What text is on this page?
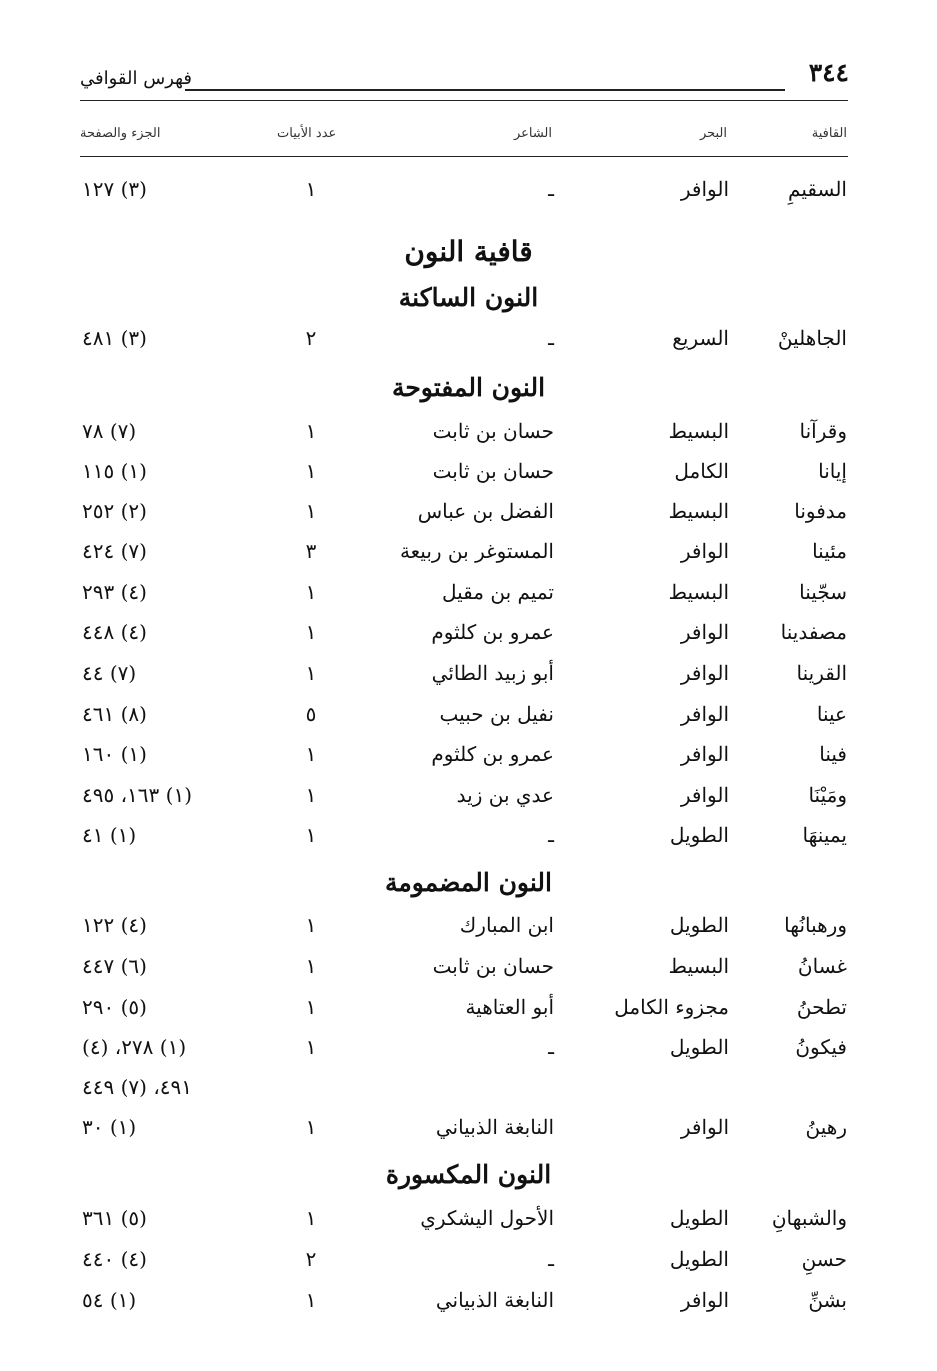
٣٤٤
فهرس القوافي
القافية
البحر
الشاعر
عدد الأبيات
الجزء والصفحة
السقيمِ
الوافر
ـ
١
(٣) ١٢٧
قافية النون
النون الساكنة
الجاهلينْ
السريع
ـ
٢
(٣) ٤٨١
النون المفتوحة
وقرآنا
البسيط
حسان بن ثابت
١
(٧) ٧٨
إيانا
الكامل
حسان بن ثابت
١
(١) ١١٥
مدفونا
البسيط
الفضل بن عباس
١
(٢) ٢٥٢
مئينا
الوافر
المستوغر بن ربيعة
٣
(٧) ٤٢٤
سجّينا
البسيط
تميم بن مقيل
١
(٤) ٢٩٣
مصفدينا
الوافر
عمرو بن كلثوم
١
(٤) ٤٤٨
القرينا
الوافر
أبو زبيد الطائي
١
(٧) ٤٤
عينا
الوافر
نفيل بن حبيب
٥
(٨) ٤٦١
فينا
الوافر
عمرو بن كلثوم
١
(١) ١٦٠
ومَيْنَا
الوافر
عدي بن زيد
١
(١) ١٦٣، ٤٩٥
يمينهَا
الطويل
ـ
١
(١) ٤١
النون المضمومة
ورهبانُها
الطويل
ابن المبارك
١
(٤) ١٢٢
غسانُ
البسيط
حسان بن ثابت
١
(٦) ٤٤٧
تطحنُ
مجزوء الكامل
أبو العتاهية
١
(٥) ٢٩٠
فيكونُ
الطويل
ـ
١
(١) ٢٧٨، (٤)
٤٩١، (٧) ٤٤٩
رهينُ
الوافر
النابغة الذبياني
١
(١) ٣٠
النون المكسورة
والشبهانِ
الطويل
الأحول اليشكري
١
(٥) ٣٦١
حسنِ
الطويل
ـ
٢
(٤) ٤٤٠
بشنِّ
الوافر
النابغة الذبياني
١
(١) ٥٤
